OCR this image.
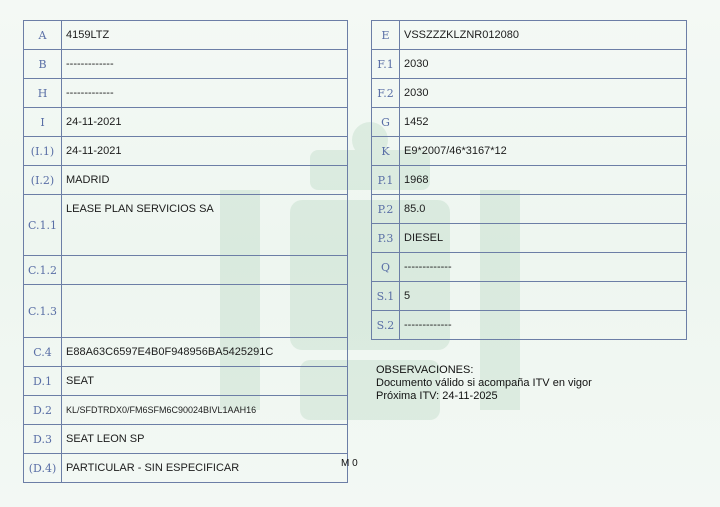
A	4159LTZ
B	-------------
H	-------------
I	24-11-2021
(I.1)	24-11-2021
(I.2)	MADRID
C.1.1	LEASE PLAN SERVICIOS SA
C.1.2	
C.1.3	
C.4	E88A63C6597E4B0F948956BA5425291C
D.1	SEAT
D.2	KL/SFDTRDX0/FM6SFM6C90024BIVL1AAH16
D.3	SEAT LEON SP
(D.4)	PARTICULAR - SIN ESPECIFICAR
E	VSSZZZKLZNR012080
F.1	2030
F.2	2030
G	1452
K	E9*2007/46*3167*12
P.1	1968
P.2	85.0
P.3	DIESEL
Q	-------------
S.1	5
S.2	-------------
OBSERVACIONES:
Documento válido si acompaña ITV en vigor
Próxima ITV: 24-11-2025
M 0
